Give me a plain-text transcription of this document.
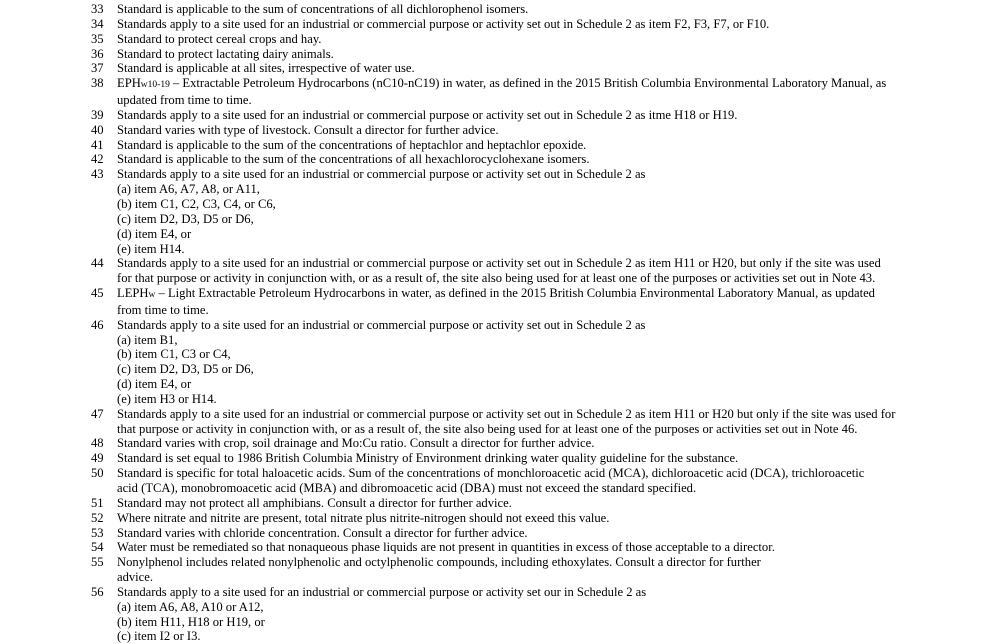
33	Standard is applicable to the sum of concentrations of all dichlorophenol isomers.
34	Standards apply to a site used for an industrial or commercial purpose or activity set out in Schedule 2 as item F2, F3, F7, or F10.
35	Standard to protect cereal crops and hay.
36	Standard to protect lactating dairy animals.
37	Standard is applicable at all sites, irrespective of water use.
38	EPHw10-19 – Extractable Petroleum Hydrocarbons (nC10-nC19) in water, as defined in the 2015 British Columbia Environmental Laboratory Manual, as
updated from time to time.
39	Standards apply to a site used for an industrial or commercial purpose or activity set out in Schedule 2 as itme H18 or H19.
40	Standard varies with type of livestock. Consult a director for further advice.
41	Standard is applicable to the sum of the concentrations of heptachlor and heptachlor epoxide.
42	Standard is applicable to the sum of the concentrations of all hexachlorocyclohexane isomers.
43	Standards apply to a site used for an industrial or commercial purpose or activity set out in Schedule 2 as
(a) item A6, A7, A8, or A11,
(b) item C1, C2, C3, C4, or C6,
(c) item D2, D3, D5 or D6,
(d) item E4, or
(e) item H14.
44	Standards apply to a site used for an industrial or commercial purpose or activity set out in Schedule 2 as item H11 or H20, but only if the site was used
for that purpose or activity in conjunction with, or as a result of, the site also being used for at least one of the purposes or activities set out in Note 43.
45	LEPHw – Light Extractable Petroleum Hydrocarbons in water, as defined in the 2015 British Columbia Environmental Laboratory Manual, as updated
from time to time.
46	Standards apply to a site used for an industrial or commercial purpose or activity set out in Schedule 2 as
(a) item B1,
(b) item C1, C3 or C4,
(c) item D2, D3, D5 or D6,
(d) item E4, or
(e) item H3 or H14.
47	Standards apply to a site used for an industrial or commercial purpose or activity set out in Schedule 2 as item H11 or H20 but only if the site was used for
that purpose or activity in conjunction with, or as a result of, the site also being used for at least one of the purposes or activities set out in Note 46.
48	Standard varies with crop, soil drainage and Mo:Cu ratio. Consult a director for further advice.
49	Standard is set equal to 1986 British Columbia Ministry of Environment drinking water quality guideline for the substance.
50	Standard is specific for total haloacetic acids. Sum of the concentrations of monchloroacetic acid (MCA), dichloroacetic acid (DCA), trichloroacetic
acid (TCA), monobromoacetic acid (MBA) and dibromoacetic acid (DBA) must not exceed the standard specified.
51	Standard may not protect all amphibians. Consult a director for further advice.
52	Where nitrate and nitrite are present, total nitrate plus nitrite-nitrogen should not exeed this value.
53	Standard varies with chloride concentration. Consult a director for further advice.
54	Water must be remediated so that nonaqueous phase liquids are not present in quantities in excess of those acceptable to a director.
55	Nonylphenol includes related nonylphenolic and octylphenolic compounds, including ethoxylates. Consult a director for further
advice.
56	Standards apply to a site used for an industrial or commercial purpose or activity set our in Schedule 2 as
(a) item A6, A8, A10 or A12,
(b) item H11, H18 or H19, or
(c) item I2 or I3.
